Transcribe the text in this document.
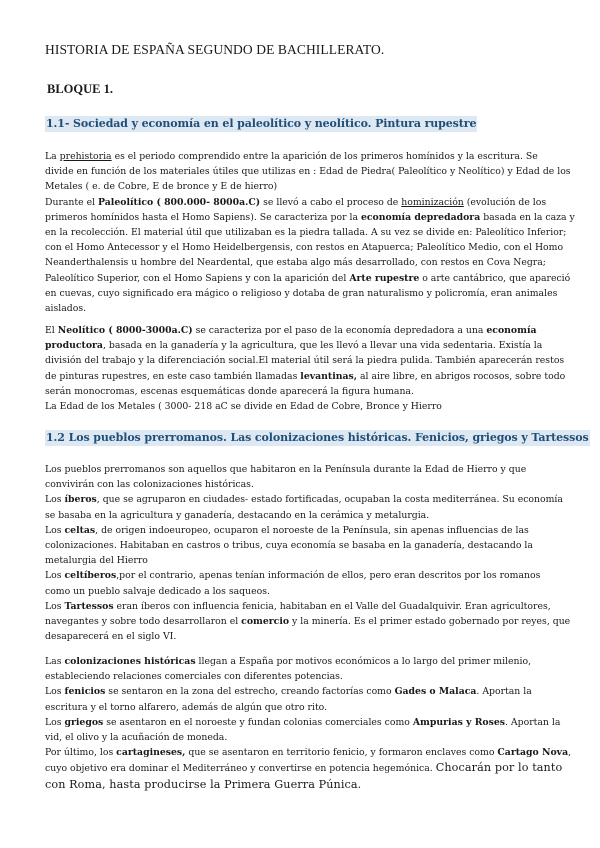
HISTORIA DE ESPAÑA SEGUNDO DE BACHILLERATO.
BLOQUE 1.
1.1- Sociedad y economía en el paleolítico y neolítico. Pintura rupestre
La prehistoria es el periodo comprendido entre la aparición de los primeros homínidos y la escritura. Se
divide en función de los materiales útiles que utilizas en : Edad de Piedra( Paleolítico y Neolítico) y Edad de los
Metales ( e. de Cobre, E de bronce y E de hierro)
Durante el Paleolítico ( 800.000- 8000a.C) se llevó a cabo el proceso de hominización (evolución de los
primeros homínidos hasta el Homo Sapiens). Se caracteriza por la economía depredadora basada en la caza y
en la recolección. El material útil que utilizaban es la piedra tallada. A su vez se divide en: Paleolítico Inferior;
con el Homo Antecessor y el Homo Heidelbergensis, con restos en Atapuerca; Paleolítico Medio, con el Homo
Neanderthalensis u hombre del Neardental, que estaba algo más desarrollado, con restos en Cova Negra;
Paleolítico Superior, con el Homo Sapiens y con la aparición del Arte rupestre o arte cantábrico, que apareció
en cuevas, cuyo significado era mágico o religioso y dotaba de gran naturalismo y policromía, eran animales
aislados.
El Neolítico ( 8000-3000a.C) se caracteriza por el paso de la economía depredadora a una economía
productora, basada en la ganadería y la agricultura, que les llevó a llevar una vida sedentaria. Existía la
división del trabajo y la diferenciación social.El material útil será la piedra pulida. También aparecerán restos
de pinturas rupestres, en este caso también llamadas levantinas, al aire libre, en abrigos rocosos, sobre todo
serán monocromas, escenas esquemáticas donde aparecerá la figura humana.
La Edad de los Metales ( 3000- 218 aC se divide en Edad de Cobre, Bronce y Hierro
1.2 Los pueblos prerromanos. Las colonizaciones históricas. Fenicios, griegos y Tartessos
Los pueblos prerromanos son aquellos que habitaron en la Península durante la Edad de Hierro y que
convivirán con las colonizaciones históricas.
Los íberos, que se agruparon en ciudades- estado fortificadas, ocupaban la costa mediterránea. Su economía
se basaba en la agricultura y ganadería, destacando en la cerámica y metalurgia.
Los celtas, de origen indoeuropeo, ocuparon el noroeste de la Península, sin apenas influencias de las
colonizaciones. Habitaban en castros o tribus, cuya economía se basaba en la ganadería, destacando la
metalurgia del Hierro
Los celtíberos,por el contrario, apenas tenían información de ellos, pero eran descritos por los romanos
como un pueblo salvaje dedicado a los saqueos.
Los Tartessos eran íberos con influencia fenicia, habitaban en el Valle del Guadalquivir. Eran agricultores,
navegantes y sobre todo desarrollaron el comercio y la minería. Es el primer estado gobernado por reyes, que
desaparecerá en el siglo VI.
Las colonizaciones históricas llegan a España por motivos económicos a lo largo del primer milenio,
estableciendo relaciones comerciales con diferentes potencias.
Los fenicios se sentaron en la zona del estrecho, creando factorías como Gades o Malaca. Aportan la
escritura y el torno alfarero, además de algún que otro rito.
Los griegos se asentaron en el noroeste y fundan colonias comerciales como Ampurias y Roses. Aportan la
vid, el olivo y la acuñación de moneda.
Por último, los cartagineses, que se asentaron en territorio fenicio, y formaron enclaves como Cartago Nova,
cuyo objetivo era dominar el Mediterráneo y convertirse en potencia hegemónica. Chocarán por lo tanto
con Roma, hasta producirse la Primera Guerra Púnica.
